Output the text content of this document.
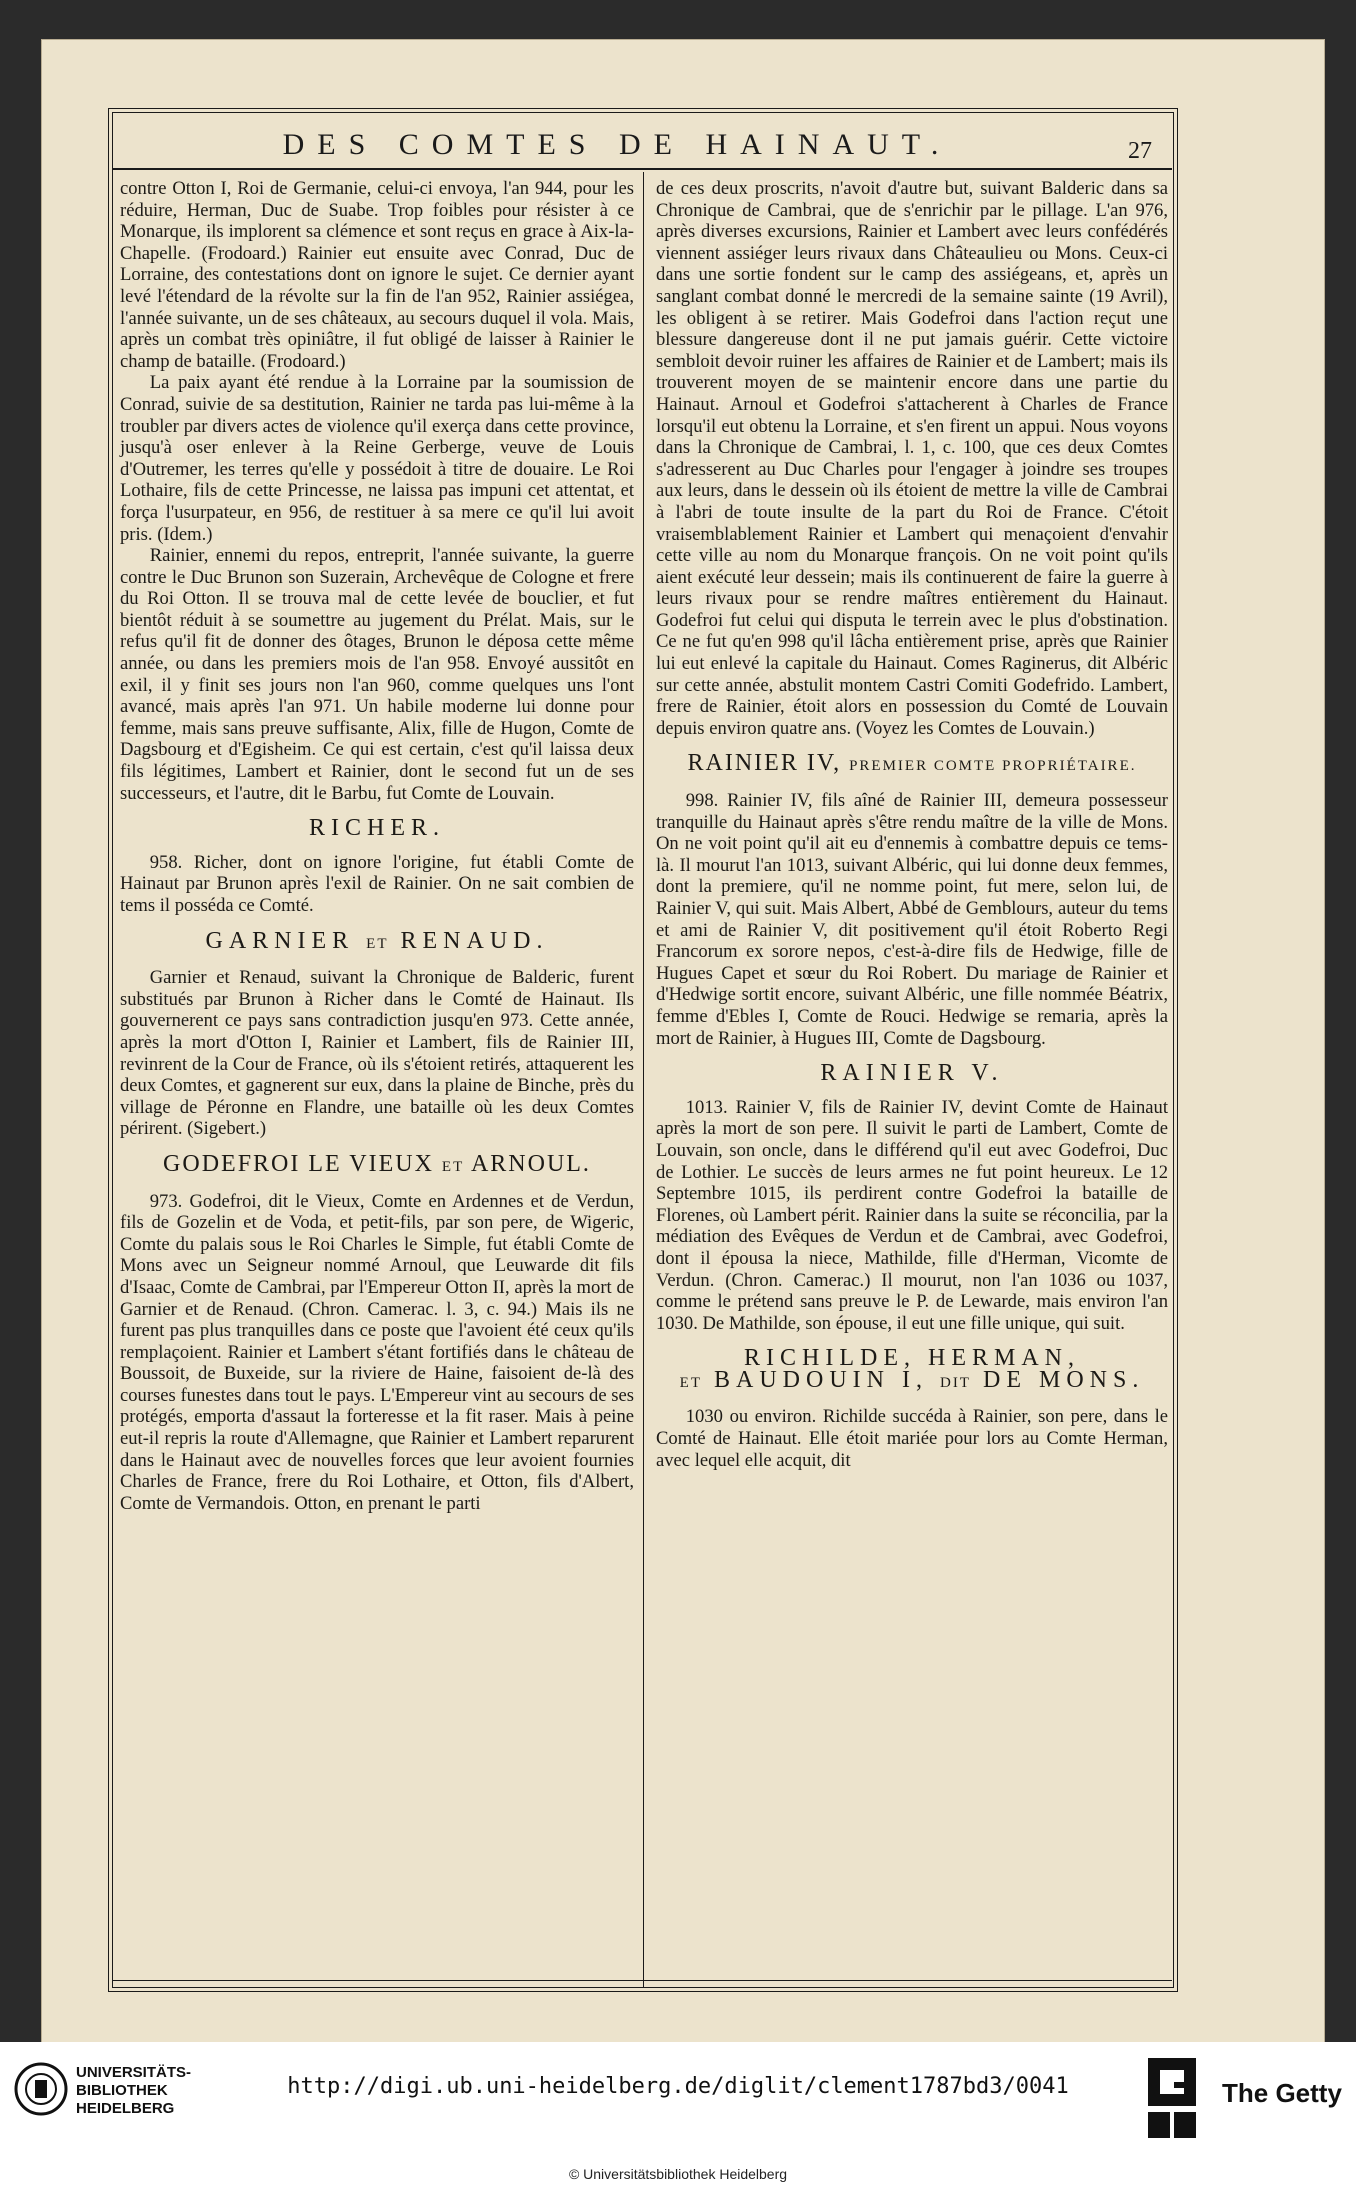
DES COMTES DE HAINAUT.	27

contre Otton I, Roi de Germanie, celui-ci envoya, l'an 944, pour les réduire, Herman, Duc de Suabe. Trop foibles pour résister à ce Monarque, ils implorent sa clémence et sont reçus en grace à Aix-la-Chapelle. (Frodoard.) Rainier eut ensuite avec Conrad, Duc de Lorraine, des contestations dont on ignore le sujet. Ce dernier ayant levé l'étendard de la révolte sur la fin de l'an 952, Rainier assiégea, l'année suivante, un de ses châteaux, au secours duquel il vola. Mais, après un combat très opiniâtre, il fut obligé de laisser à Rainier le champ de bataille. (Frodoard.)

La paix ayant été rendue à la Lorraine par la soumission de Conrad, suivie de sa destitution, Rainier ne tarda pas lui-même à la troubler par divers actes de violence qu'il exerça dans cette province, jusqu'à oser enlever à la Reine Gerberge, veuve de Louis d'Outremer, les terres qu'elle y possédoit à titre de douaire. Le Roi Lothaire, fils de cette Princesse, ne laissa pas impuni cet attentat, et força l'usurpateur, en 956, de restituer à sa mere ce qu'il lui avoit pris. (Idem.)

Rainier, ennemi du repos, entreprit, l'année suivante, la guerre contre le Duc Brunon son Suzerain, Archevêque de Cologne et frere du Roi Otton. Il se trouva mal de cette levée de bouclier, et fut bientôt réduit à se soumettre au jugement du Prélat. Mais, sur le refus qu'il fit de donner des ôtages, Brunon le déposa cette même année, ou dans les premiers mois de l'an 958. Envoyé aussitôt en exil, il y finit ses jours non l'an 960, comme quelques uns l'ont avancé, mais après l'an 971. Un habile moderne lui donne pour femme, mais sans preuve suffisante, Alix, fille de Hugon, Comte de Dagsbourg et d'Egisheim. Ce qui est certain, c'est qu'il laissa deux fils légitimes, Lambert et Rainier, dont le second fut un de ses successeurs, et l'autre, dit le Barbu, fut Comte de Louvain.

RICHER.

958. Richer, dont on ignore l'origine, fut établi Comte de Hainaut par Brunon après l'exil de Rainier. On ne sait combien de tems il posséda ce Comté.

GARNIER ET RENAUD.

Garnier et Renaud, suivant la Chronique de Balderic, furent substitués par Brunon à Richer dans le Comté de Hainaut. Ils gouvernerent ce pays sans contradiction jusqu'en 973. Cette année, après la mort d'Otton I, Rainier et Lambert, fils de Rainier III, revinrent de la Cour de France, où ils s'étoient retirés, attaquerent les deux Comtes, et gagnerent sur eux, dans la plaine de Binche, près du village de Péronne en Flandre, une bataille où les deux Comtes périrent. (Sigebert.)

GODEFROI LE VIEUX ET ARNOUL.

973. Godefroi, dit le Vieux, Comte en Ardennes et de Verdun, fils de Gozelin et de Voda, et petit-fils, par son pere, de Wigeric, Comte du palais sous le Roi Charles le Simple, fut établi Comte de Mons avec un Seigneur nommé Arnoul, que Leuwarde dit fils d'Isaac, Comte de Cambrai, par l'Empereur Otton II, après la mort de Garnier et de Renaud. (Chron. Camerac. l. 3, c. 94.) Mais ils ne furent pas plus tranquilles dans ce poste que l'avoient été ceux qu'ils remplaçoient. Rainier et Lambert s'étant fortifiés dans le château de Boussoit, de Buxeide, sur la riviere de Haine, faisoient de-là des courses funestes dans tout le pays. L'Empereur vint au secours de ses protégés, emporta d'assaut la forteresse et la fit raser. Mais à peine eut-il repris la route d'Allemagne, que Rainier et Lambert reparurent dans le Hainaut avec de nouvelles forces que leur avoient fournies Charles de France, frere du Roi Lothaire, et Otton, fils d'Albert, Comte de Vermandois. Otton, en prenant le parti

de ces deux proscrits, n'avoit d'autre but, suivant Balderic dans sa Chronique de Cambrai, que de s'enrichir par le pillage. L'an 976, après diverses excursions, Rainier et Lambert avec leurs confédérés viennent assiéger leurs rivaux dans Châteaulieu ou Mons. Ceux-ci dans une sortie fondent sur le camp des assiégeans, et, après un sanglant combat donné le mercredi de la semaine sainte (19 Avril), les obligent à se retirer. Mais Godefroi dans l'action reçut une blessure dangereuse dont il ne put jamais guérir. Cette victoire sembloit devoir ruiner les affaires de Rainier et de Lambert; mais ils trouverent moyen de se maintenir encore dans une partie du Hainaut. Arnoul et Godefroi s'attacherent à Charles de France lorsqu'il eut obtenu la Lorraine, et s'en firent un appui. Nous voyons dans la Chronique de Cambrai, l. 1, c. 100, que ces deux Comtes s'adresserent au Duc Charles pour l'engager à joindre ses troupes aux leurs, dans le dessein où ils étoient de mettre la ville de Cambrai à l'abri de toute insulte de la part du Roi de France. C'étoit vraisemblablement Rainier et Lambert qui menaçoient d'envahir cette ville au nom du Monarque françois. On ne voit point qu'ils aient exécuté leur dessein; mais ils continuerent de faire la guerre à leurs rivaux pour se rendre maîtres entièrement du Hainaut. Godefroi fut celui qui disputa le terrein avec le plus d'obstination. Ce ne fut qu'en 998 qu'il lâcha entièrement prise, après que Rainier lui eut enlevé la capitale du Hainaut. Comes Raginerus, dit Albéric sur cette année, abstulit montem Castri Comiti Godefrido. Lambert, frere de Rainier, étoit alors en possession du Comté de Louvain depuis environ quatre ans. (Voyez les Comtes de Louvain.)

RAINIER IV, PREMIER COMTE PROPRIÉTAIRE.

998. Rainier IV, fils aîné de Rainier III, demeura possesseur tranquille du Hainaut après s'être rendu maître de la ville de Mons. On ne voit point qu'il ait eu d'ennemis à combattre depuis ce tems-là. Il mourut l'an 1013, suivant Albéric, qui lui donne deux femmes, dont la premiere, qu'il ne nomme point, fut mere, selon lui, de Rainier V, qui suit. Mais Albert, Abbé de Gemblours, auteur du tems et ami de Rainier V, dit positivement qu'il étoit Roberto Regi Francorum ex sorore nepos, c'est-à-dire fils de Hedwige, fille de Hugues Capet et sœur du Roi Robert. Du mariage de Rainier et d'Hedwige sortit encore, suivant Albéric, une fille nommée Béatrix, femme d'Ebles I, Comte de Rouci. Hedwige se remaria, après la mort de Rainier, à Hugues III, Comte de Dagsbourg.

RAINIER V.

1013. Rainier V, fils de Rainier IV, devint Comte de Hainaut après la mort de son pere. Il suivit le parti de Lambert, Comte de Louvain, son oncle, dans le différend qu'il eut avec Godefroi, Duc de Lothier. Le succès de leurs armes ne fut point heureux. Le 12 Septembre 1015, ils perdirent contre Godefroi la bataille de Florenes, où Lambert périt. Rainier dans la suite se réconcilia, par la médiation des Evêques de Verdun et de Cambrai, avec Godefroi, dont il épousa la niece, Mathilde, fille d'Herman, Vicomte de Verdun. (Chron. Camerac.) Il mourut, non l'an 1036 ou 1037, comme le prétend sans preuve le P. de Lewarde, mais environ l'an 1030. De Mathilde, son épouse, il eut une fille unique, qui suit.

RICHILDE, HERMAN,
ET BAUDOUIN I, DIT DE MONS.

1030 ou environ. Richilde succéda à Rainier, son pere, dans le Comté de Hainaut. Elle étoit mariée pour lors au Comte Herman, avec lequel elle acquit, dit

UNIVERSITÄTS-
BIBLIOTHEK
HEIDELBERG
http://digi.ub.uni-heidelberg.de/diglit/clement1787bd3/0041
© Universitätsbibliothek Heidelberg
The Getty
